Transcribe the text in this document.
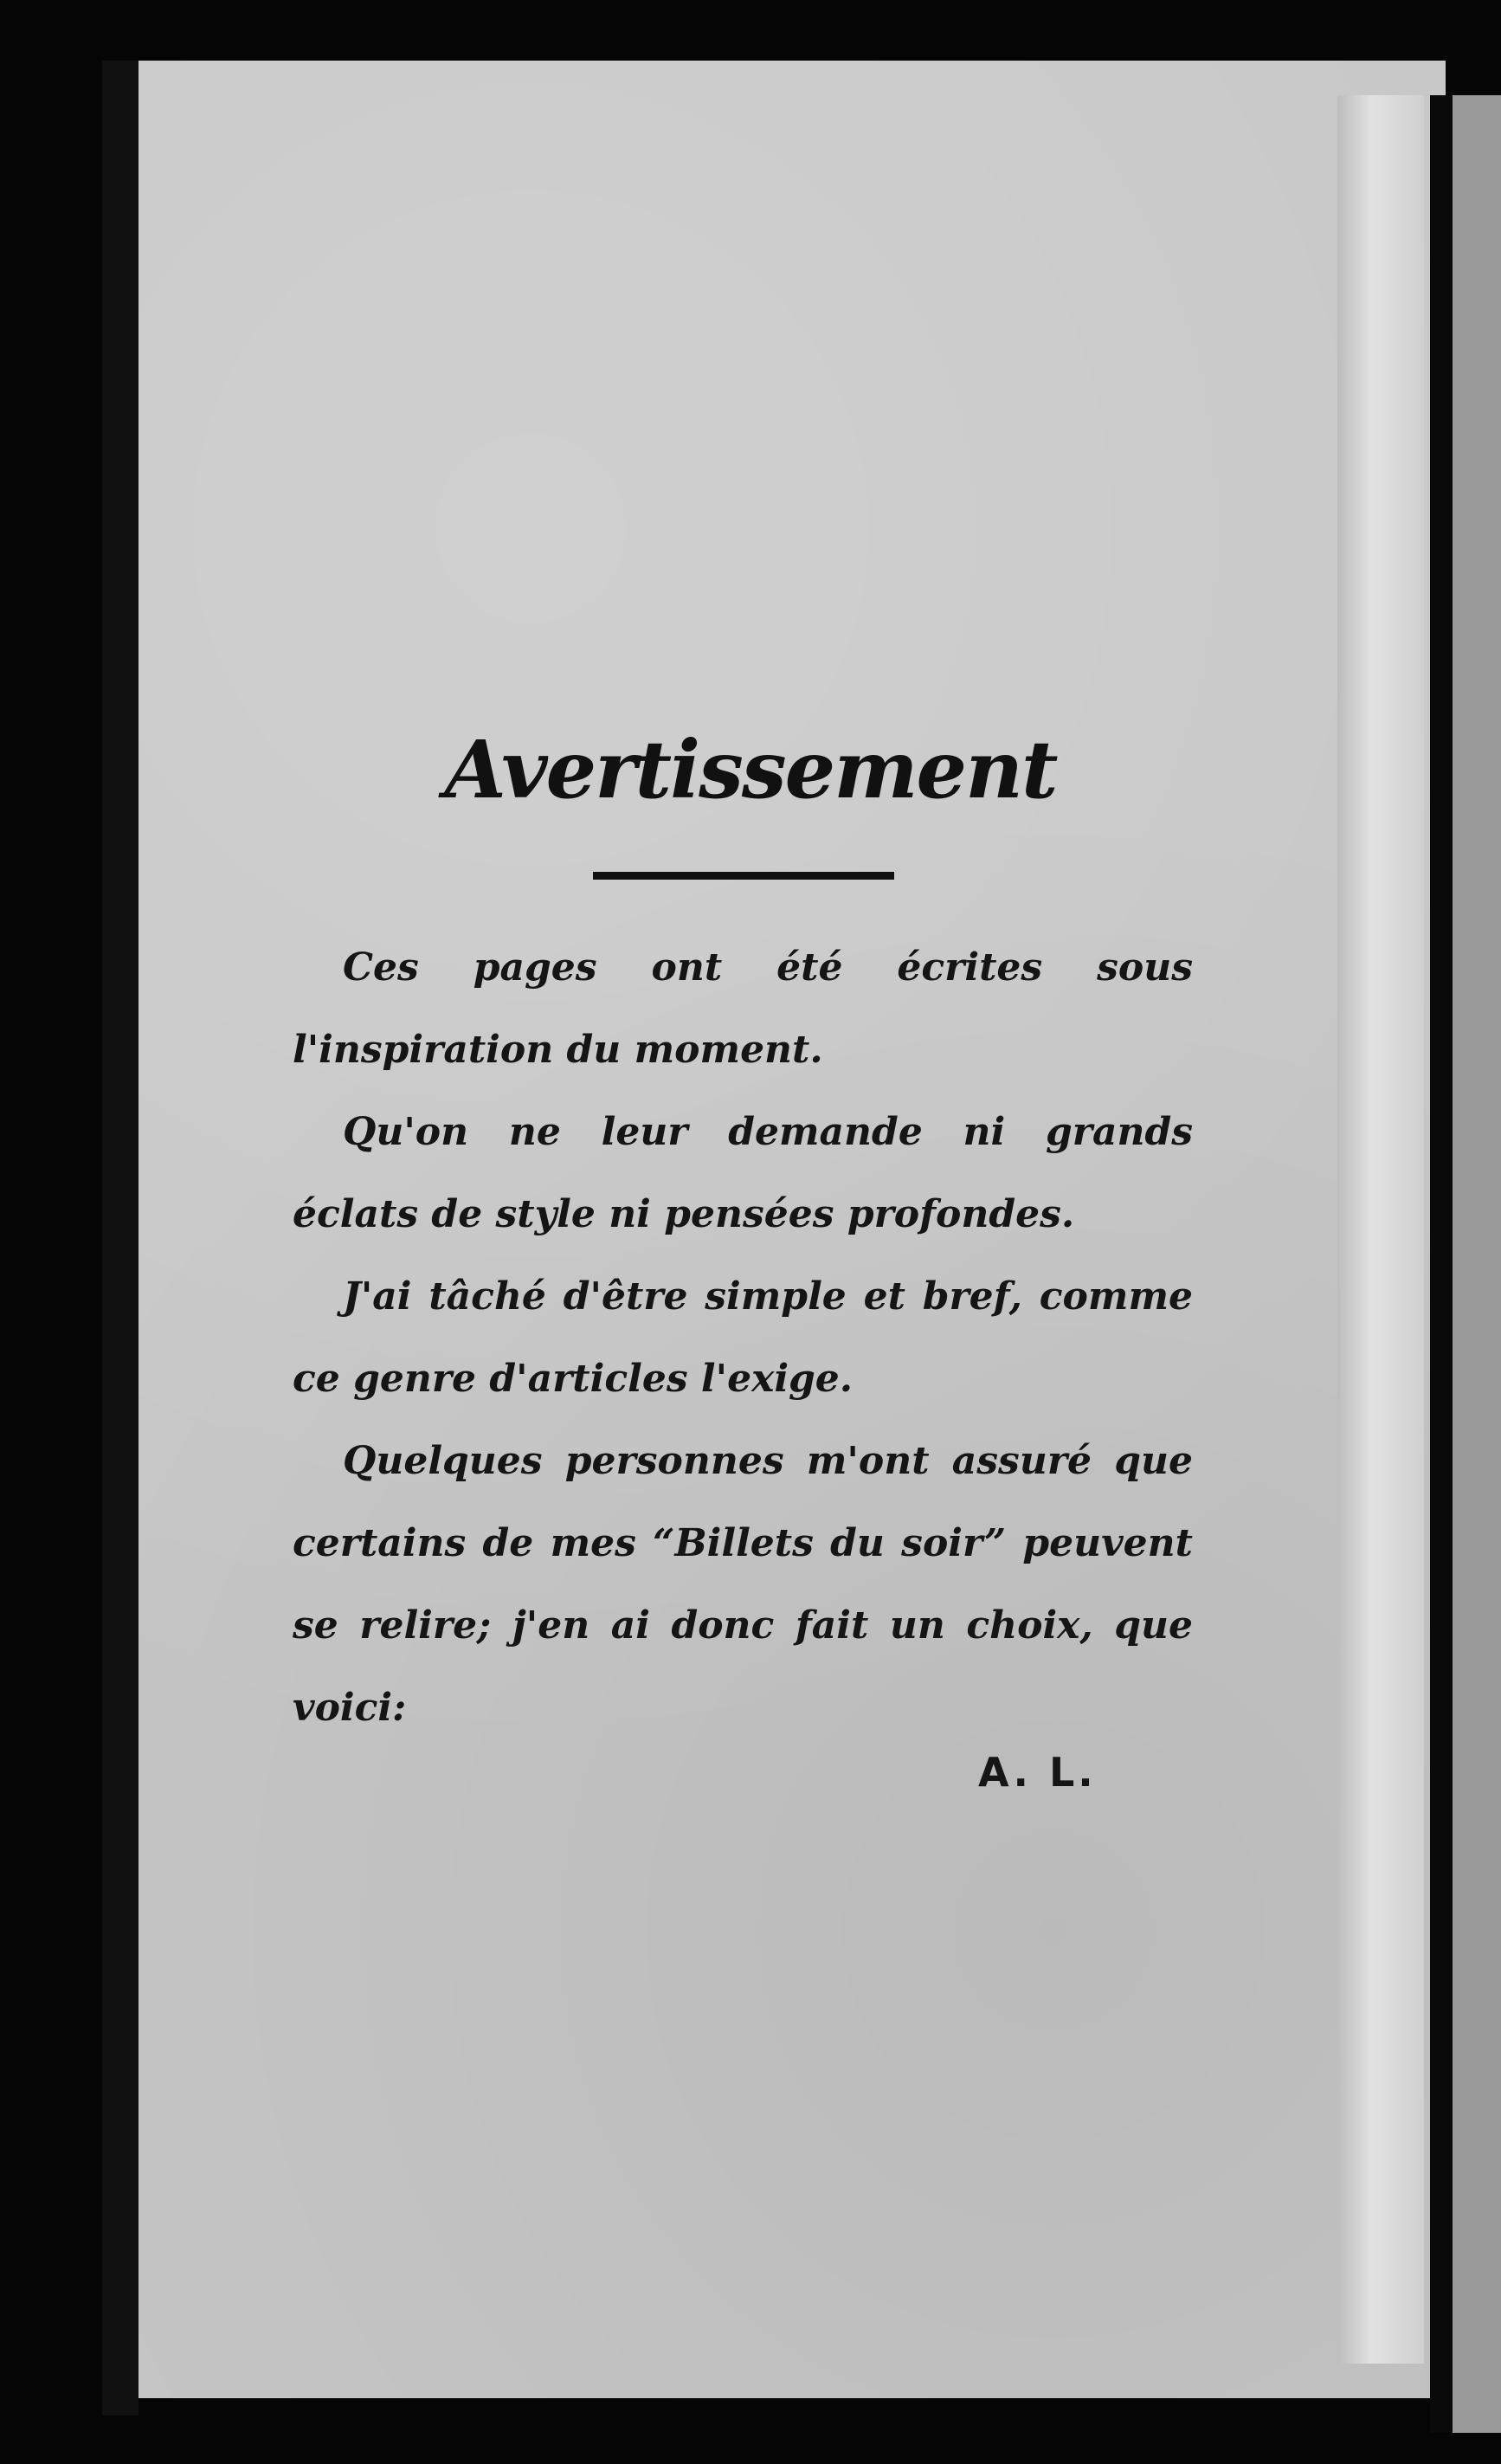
Avertissement

Ces pages ont été écrites sous l'inspiration du moment.

Qu'on ne leur demande ni grands éclats de style ni pensées profondes.

J'ai tâché d'être simple et bref, comme ce genre d'articles l'exige.

Quelques personnes m'ont assuré que certains de mes “Billets du soir” peuvent se relire; j'en ai donc fait un choix, que voici:

A. L.
